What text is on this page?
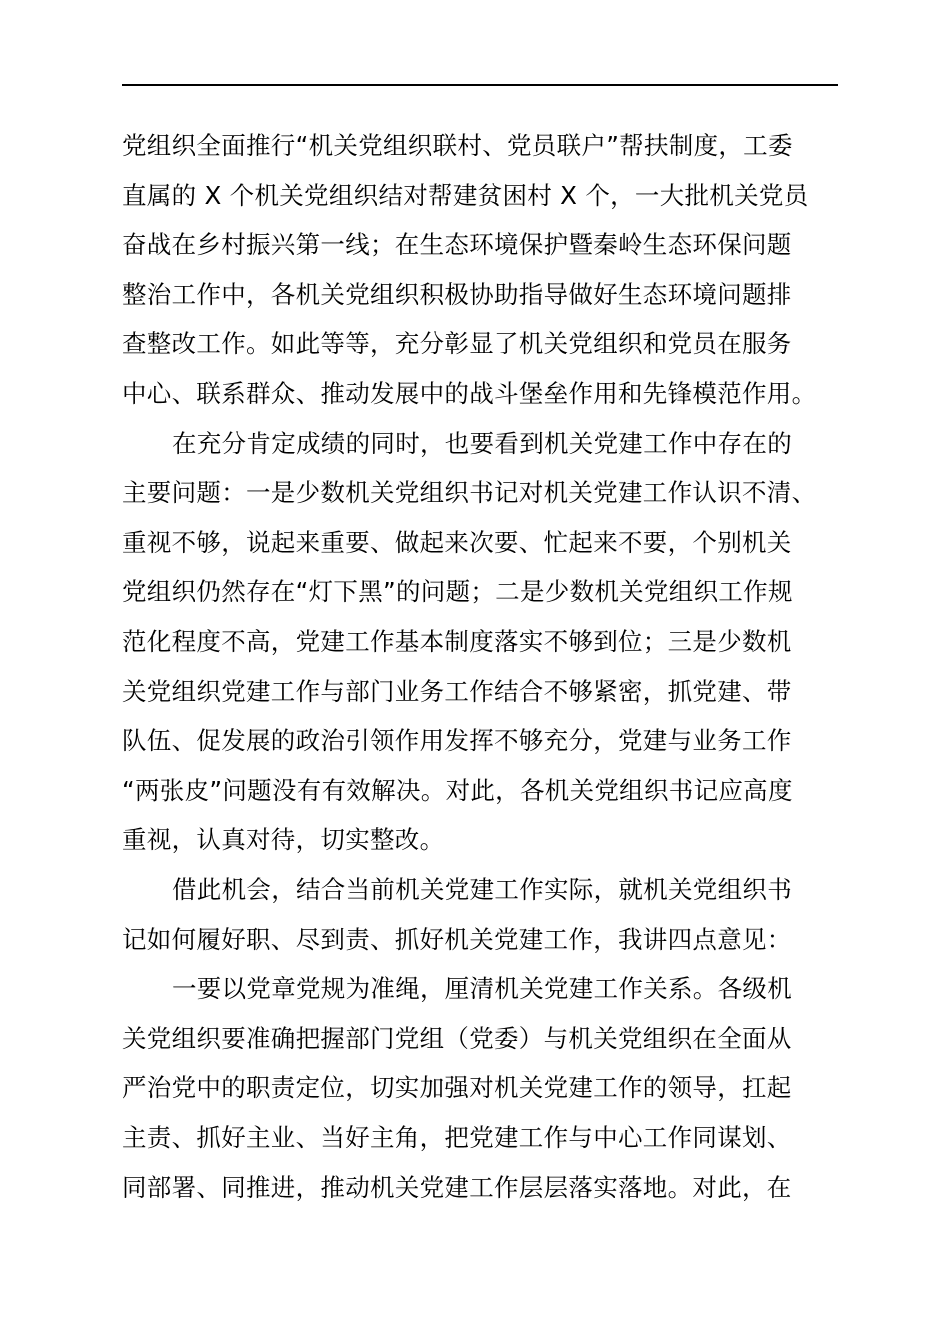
党组织全面推行“机关党组织联村、党员联户”帮扶制度，工委
直属的 X 个机关党组织结对帮建贫困村 X 个，一大批机关党员
奋战在乡村振兴第一线；在生态环境保护暨秦岭生态环保问题
整治工作中，各机关党组织积极协助指导做好生态环境问题排
查整改工作。如此等等，充分彰显了机关党组织和党员在服务
中心、联系群众、推动发展中的战斗堡垒作用和先锋模范作用。
在充分肯定成绩的同时，也要看到机关党建工作中存在的
主要问题：一是少数机关党组织书记对机关党建工作认识不清、
重视不够，说起来重要、做起来次要、忙起来不要，个别机关
党组织仍然存在“灯下黑”的问题；二是少数机关党组织工作规
范化程度不高，党建工作基本制度落实不够到位；三是少数机
关党组织党建工作与部门业务工作结合不够紧密，抓党建、带
队伍、促发展的政治引领作用发挥不够充分，党建与业务工作
“两张皮”问题没有有效解决。对此，各机关党组织书记应高度
重视，认真对待，切实整改。
借此机会，结合当前机关党建工作实际，就机关党组织书
记如何履好职、尽到责、抓好机关党建工作，我讲四点意见：
一要以党章党规为准绳，厘清机关党建工作关系。各级机
关党组织要准确把握部门党组（党委）与机关党组织在全面从
严治党中的职责定位，切实加强对机关党建工作的领导，扛起
主责、抓好主业、当好主角，把党建工作与中心工作同谋划、
同部署、同推进，推动机关党建工作层层落实落地。对此，在
